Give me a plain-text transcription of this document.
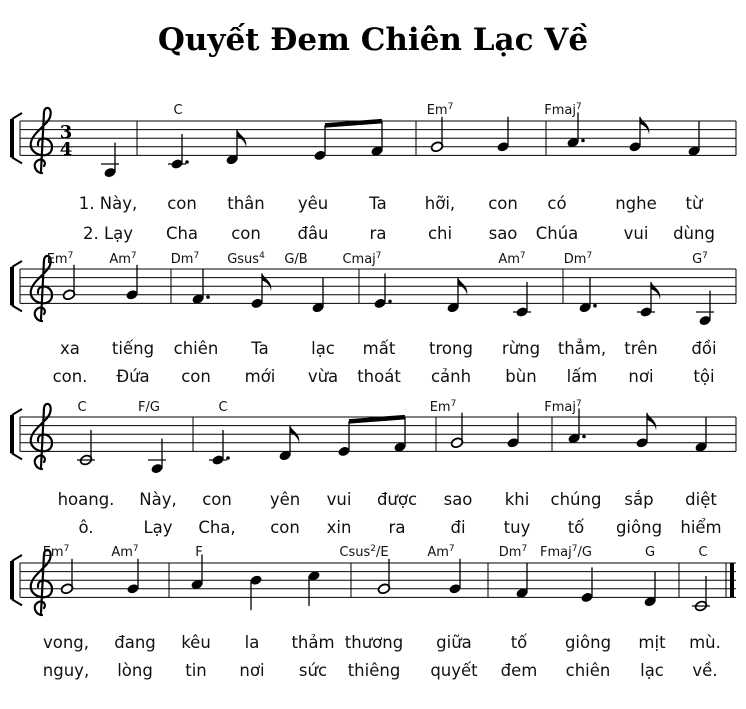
Quyết Đem Chiên Lạc Về
3
4
C	Em$^7$	Fmaj$^7$
1. Này, con thân yêu Ta hỡi, con có	nghe từ
2. Lạy Cha con đâu ra	chi sao Chúa	vui dùng
Em$^7$	Am$^7$	Dm$^7$ Gsus$^4$ G/B	Cmaj$^7$	Am$^7$	Dm$^7$	$G^7$
xa tiếng chiên Ta	lạc mất trong rừng thẳm, trên đồi
con. Đứa con mới vừa thoát cảnh bùn lấm nơi tội
C	F/G	C	Em$^7$	Fmaj$^7$
hoang. Này, con yên vui được sao khi chúng sắp diệt
ô.	Lạy Cha, con xin ra	đi tuy tố giông hiểm
Em$^7$	Am$^7$	F	Csus$^2$/E	Am$^7$	Dm$^7$ Fmaj$^7$/G	G	C
vong, đang kêu la thảm thương giữa tố giông mịt mù.
nguy, lòng tin nơi sức thiêng quyết đem chiên lạc về.
